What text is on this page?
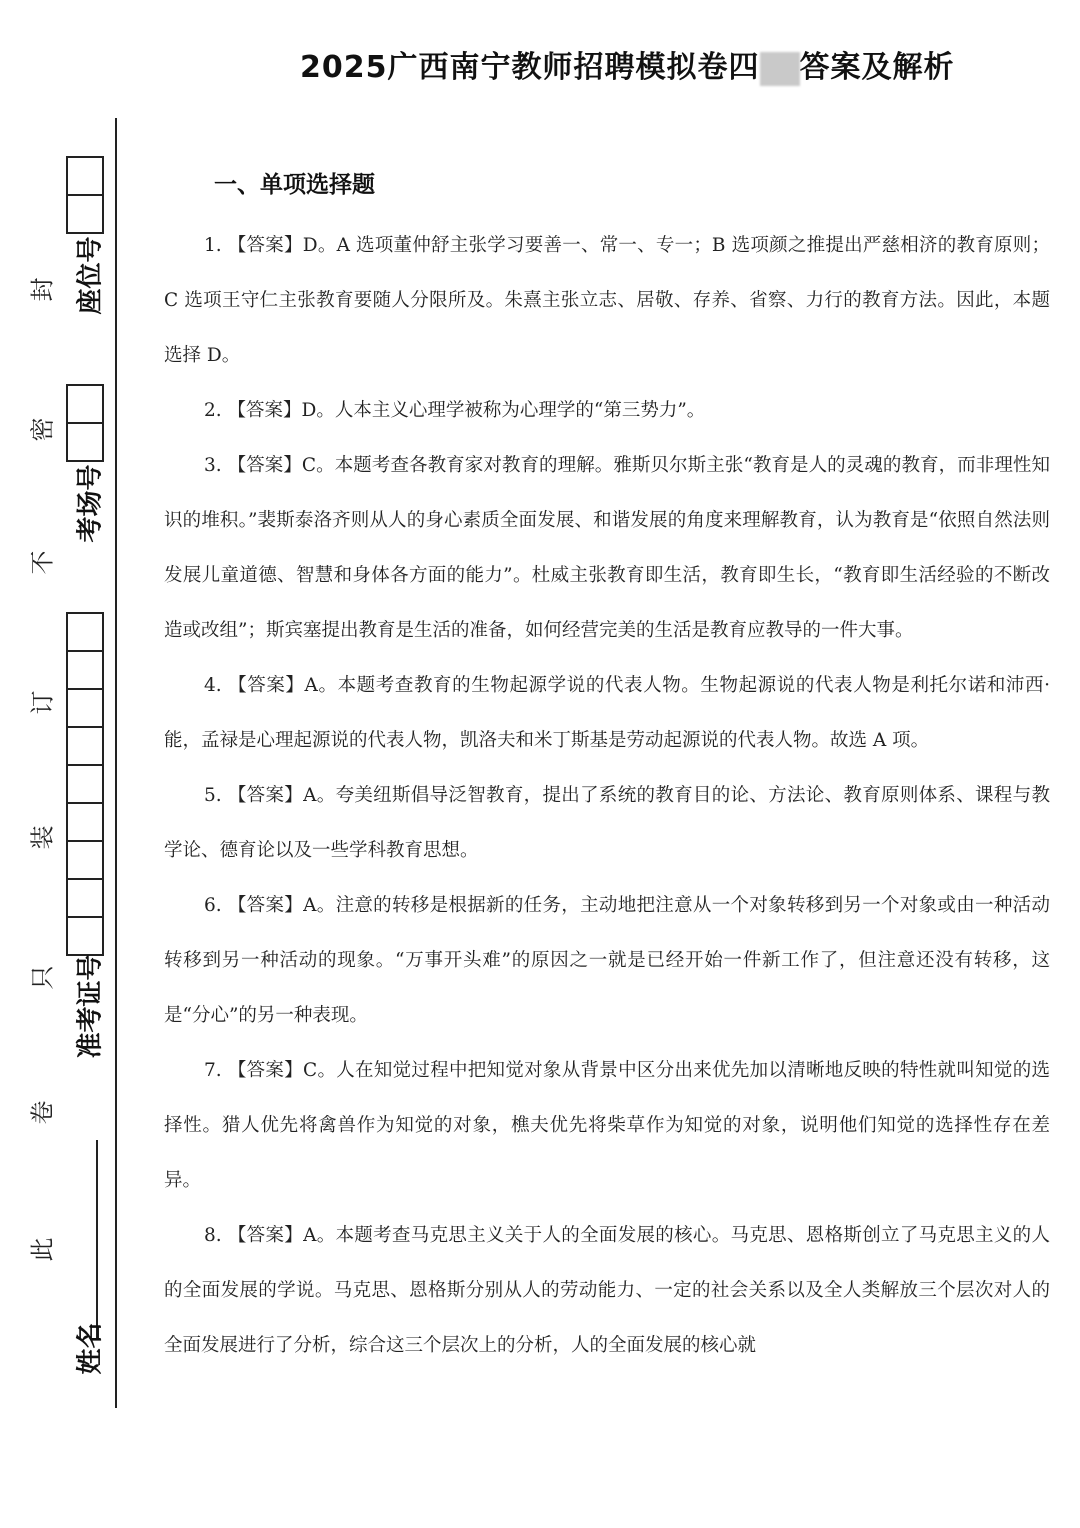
2025广西南宁教师招聘模拟卷四 答案及解析
封
密
不
订
装
只
卷
此
座位号
考场号
准考证号
姓名
一、单项选择题

1. 【答案】D。A 选项董仲舒主张学习要善一、常一、专一；B 选项颜之推提出严慈相济的教育原则；C 选项王守仁主张教育要随人分限所及。朱熹主张立志、居敬、存养、省察、力行的教育方法。因此，本题选择 D。

2. 【答案】D。人本主义心理学被称为心理学的“第三势力”。

3. 【答案】C。本题考查各教育家对教育的理解。雅斯贝尔斯主张“教育是人的灵魂的教育，而非理性知识的堆积。”裴斯泰洛齐则从人的身心素质全面发展、和谐发展的角度来理解教育，认为教育是“依照自然法则发展儿童道德、智慧和身体各方面的能力”。杜威主张教育即生活，教育即生长，“教育即生活经验的不断改造或改组”；斯宾塞提出教育是生活的准备，如何经营完美的生活是教育应教导的一件大事。

4. 【答案】A。本题考查教育的生物起源学说的代表人物。生物起源说的代表人物是利托尔诺和沛西·能，孟禄是心理起源说的代表人物，凯洛夫和米丁斯基是劳动起源说的代表人物。故选 A 项。

5. 【答案】A。夸美纽斯倡导泛智教育，提出了系统的教育目的论、方法论、教育原则体系、课程与教学论、德育论以及一些学科教育思想。

6. 【答案】A。注意的转移是根据新的任务，主动地把注意从一个对象转移到另一个对象或由一种活动转移到另一种活动的现象。“万事开头难”的原因之一就是已经开始一件新工作了，但注意还没有转移，这是“分心”的另一种表现。

7. 【答案】C。人在知觉过程中把知觉对象从背景中区分出来优先加以清晰地反映的特性就叫知觉的选择性。猎人优先将禽兽作为知觉的对象，樵夫优先将柴草作为知觉的对象，说明他们知觉的选择性存在差异。

8. 【答案】A。本题考查马克思主义关于人的全面发展的核心。马克思、恩格斯创立了马克思主义的人的全面发展的学说。马克思、恩格斯分别从人的劳动能力、一定的社会关系以及全人类解放三个层次对人的全面发展进行了分析，综合这三个层次上的分析，人的全面发展的核心就
